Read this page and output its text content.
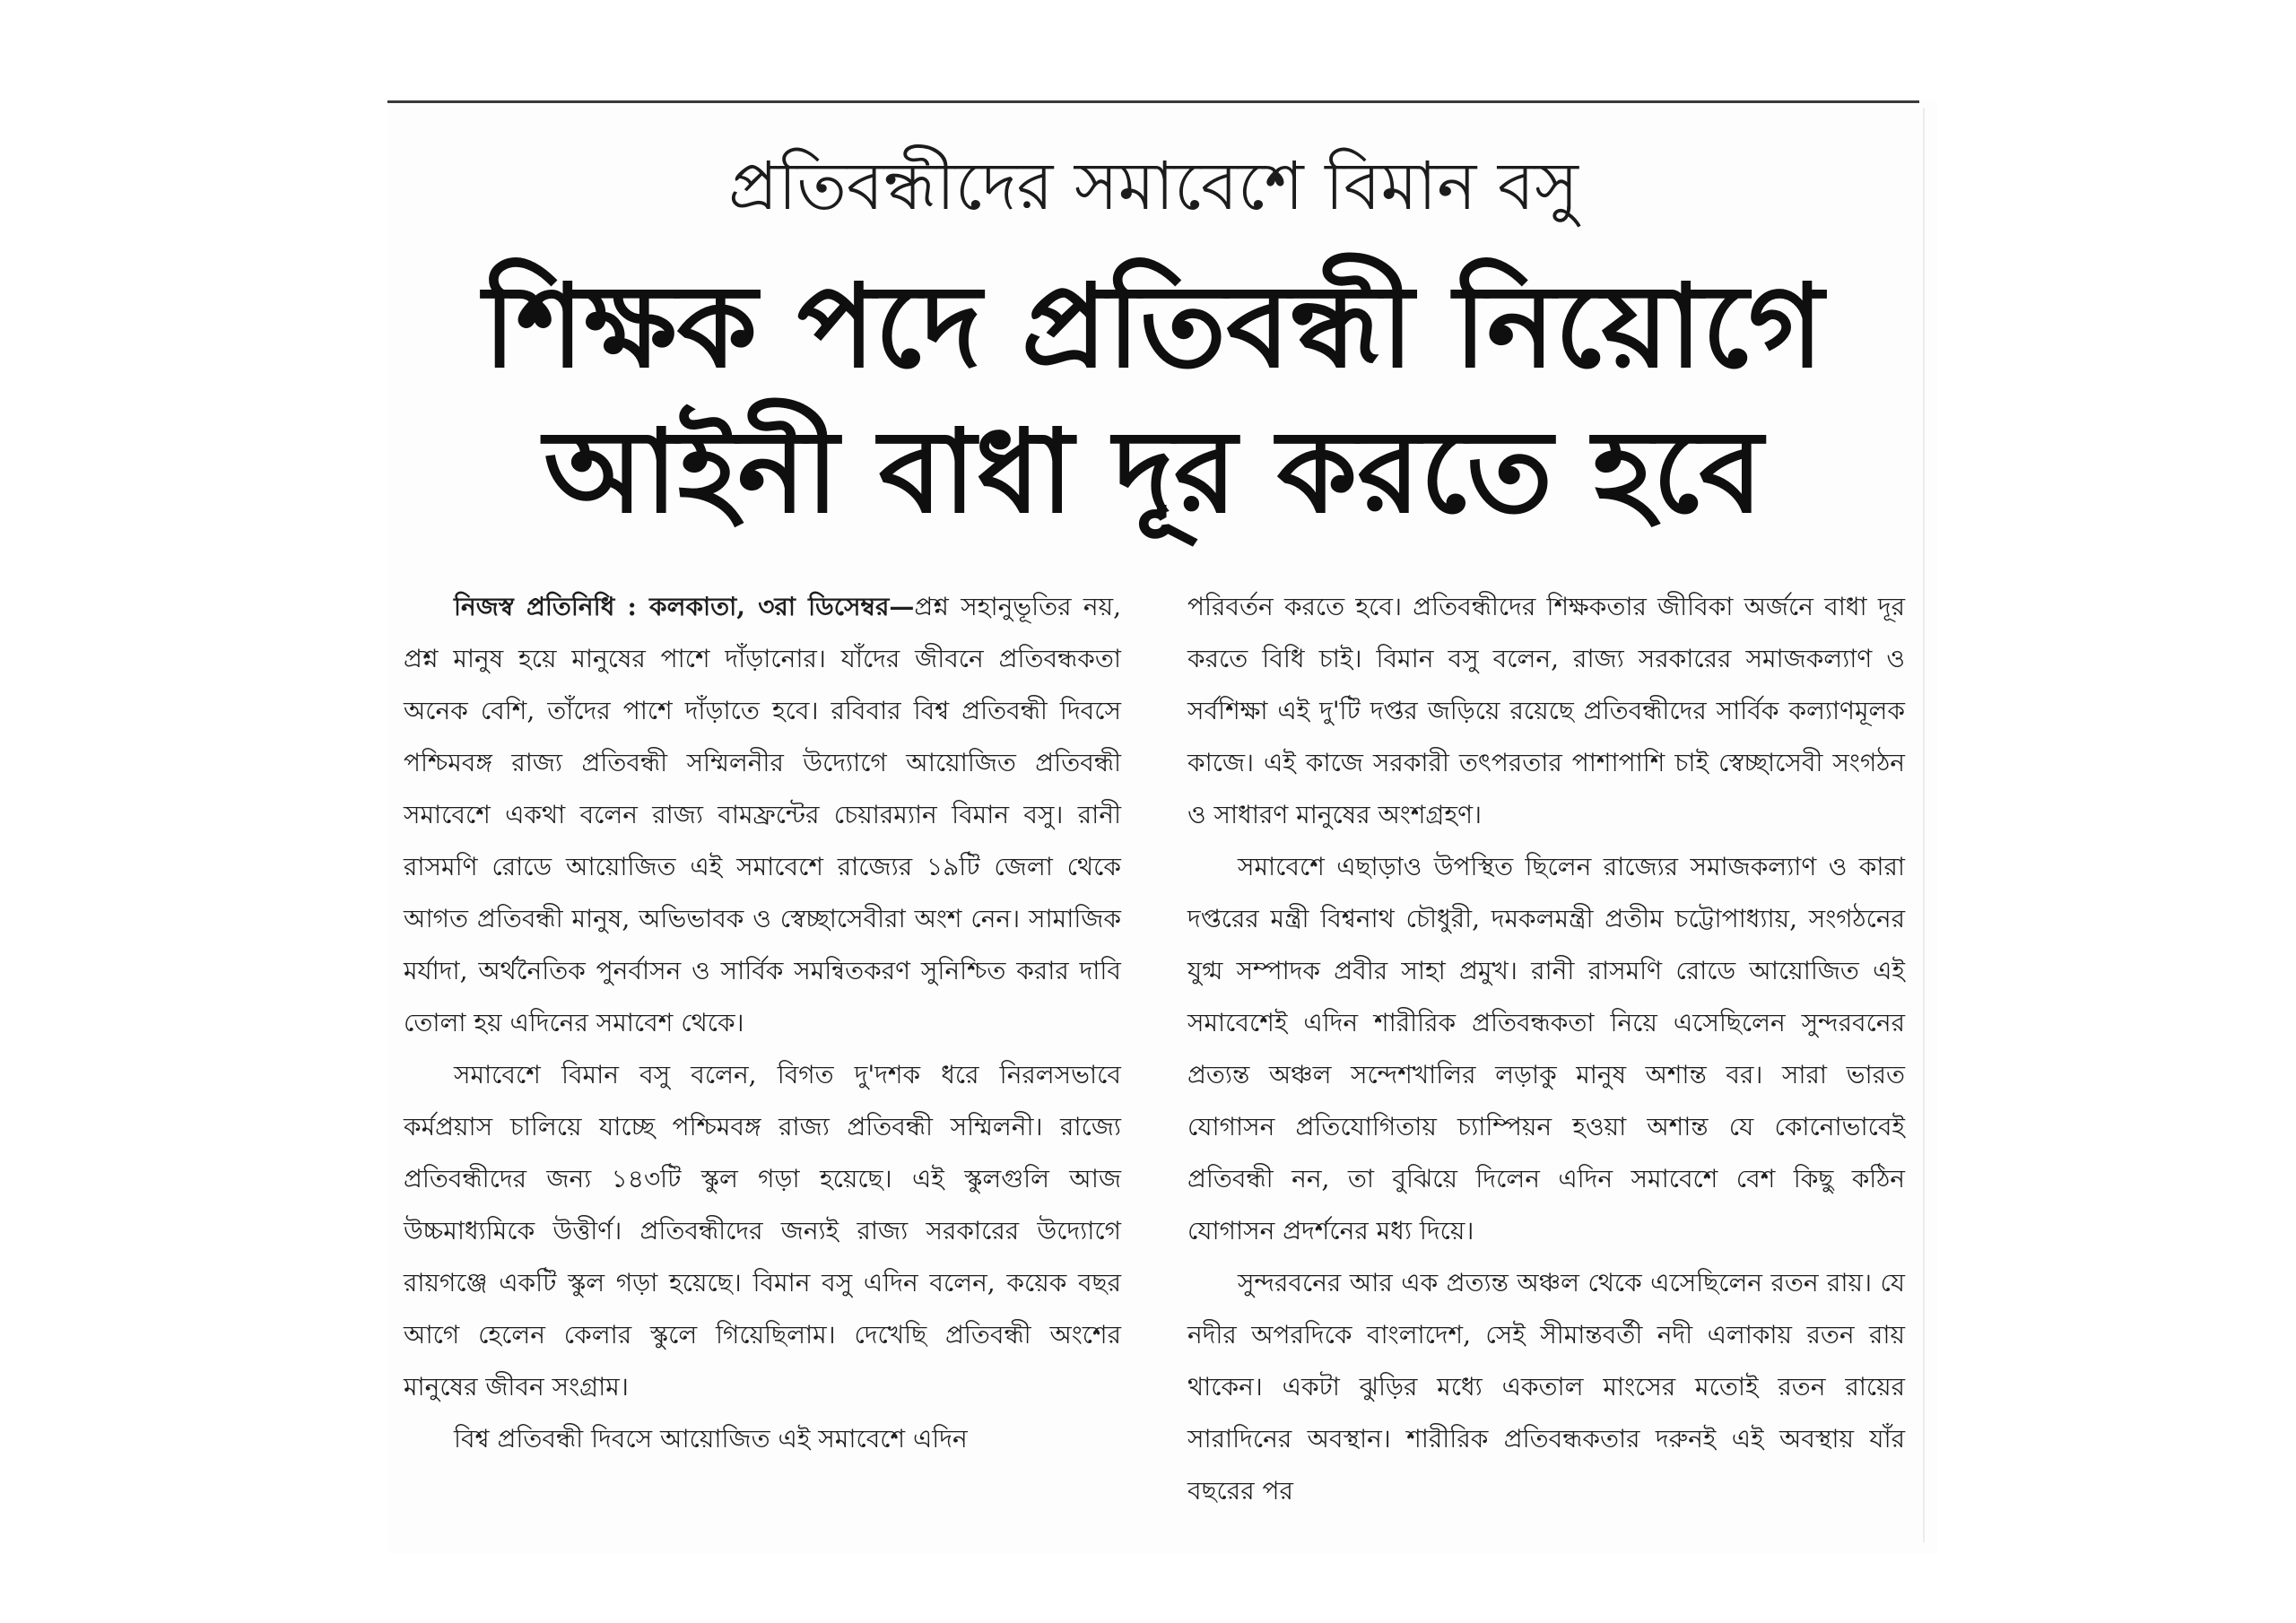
প্রতিবন্ধীদের সমাবেশে বিমান বসু
শিক্ষক পদে প্রতিবন্ধী নিয়োগে
আইনী বাধা দূর করতে হবে

নিজস্ব প্রতিনিধি : কলকাতা, ৩রা ডিসেম্বর—প্রশ্ন সহানুভূতির নয়, প্রশ্ন মানুষ হয়ে মানুষের পাশে দাঁড়ানোর। যাঁদের জীবনে প্রতিবন্ধকতা অনেক বেশি, তাঁদের পাশে দাঁড়াতে হবে। রবিবার বিশ্ব প্রতিবন্ধী দিবসে পশ্চিমবঙ্গ রাজ্য প্রতিবন্ধী সম্মিলনীর উদ্যোগে আয়োজিত প্রতিবন্ধী সমাবেশে একথা বলেন রাজ্য বামফ্রন্টের চেয়ারম্যান বিমান বসু। রানী রাসমণি রোডে আয়োজিত এই সমাবেশে রাজ্যের ১৯টি জেলা থেকে আগত প্রতিবন্ধী মানুষ, অভিভাবক ও স্বেচ্ছাসেবীরা অংশ নেন। সামাজিক মর্যাদা, অর্থনৈতিক পুনর্বাসন ও সার্বিক সমন্বিতকরণ সুনিশ্চিত করার দাবি তোলা হয় এদিনের সমাবেশ থেকে।

সমাবেশে বিমান বসু বলেন, বিগত দু'দশক ধরে নিরলসভাবে কর্মপ্রয়াস চালিয়ে যাচ্ছে পশ্চিমবঙ্গ রাজ্য প্রতিবন্ধী সম্মিলনী। রাজ্যে প্রতিবন্ধীদের জন্য ১৪৩টি স্কুল গড়া হয়েছে। এই স্কুলগুলি আজ উচ্চমাধ্যমিকে উত্তীর্ণ। প্রতিবন্ধীদের জন্যই রাজ্য সরকারের উদ্যোগে রায়গঞ্জে একটি স্কুল গড়া হয়েছে। বিমান বসু এদিন বলেন, কয়েক বছর আগে হেলেন কেলার স্কুলে গিয়েছিলাম। দেখেছি প্রতিবন্ধী অংশের মানুষের জীবন সংগ্রাম।

বিশ্ব প্রতিবন্ধী দিবসে আয়োজিত এই সমাবেশে এদিন

পরিবর্তন করতে হবে। প্রতিবন্ধীদের শিক্ষকতার জীবিকা অর্জনে বাধা দূর করতে বিধি চাই। বিমান বসু বলেন, রাজ্য সরকারের সমাজকল্যাণ ও সর্বশিক্ষা এই দু'টি দপ্তর জড়িয়ে রয়েছে প্রতিবন্ধীদের সার্বিক কল্যাণমূলক কাজে। এই কাজে সরকারী তৎপরতার পাশাপাশি চাই স্বেচ্ছাসেবী সংগঠন ও সাধারণ মানুষের অংশগ্রহণ।

সমাবেশে এছাড়াও উপস্থিত ছিলেন রাজ্যের সমাজকল্যাণ ও কারা দপ্তরের মন্ত্রী বিশ্বনাথ চৌধুরী, দমকলমন্ত্রী প্রতীম চট্টোপাধ্যায়, সংগঠনের যুগ্ম সম্পাদক প্রবীর সাহা প্রমুখ। রানী রাসমণি রোডে আয়োজিত এই সমাবেশেই এদিন শারীরিক প্রতিবন্ধকতা নিয়ে এসেছিলেন সুন্দরবনের প্রত্যন্ত অঞ্চল সন্দেশখালির লড়াকু মানুষ অশান্ত বর। সারা ভারত যোগাসন প্রতিযোগিতায় চ্যাম্পিয়ন হওয়া অশান্ত যে কোনোভাবেই প্রতিবন্ধী নন, তা বুঝিয়ে দিলেন এদিন সমাবেশে বেশ কিছু কঠিন যোগাসন প্রদর্শনের মধ্য দিয়ে।

সুন্দরবনের আর এক প্রত্যন্ত অঞ্চল থেকে এসেছিলেন রতন রায়। যে নদীর অপরদিকে বাংলাদেশ, সেই সীমান্তবর্তী নদী এলাকায় রতন রায় থাকেন। একটা ঝুড়ির মধ্যে একতাল মাংসের মতোই রতন রায়ের সারাদিনের অবস্থান। শারীরিক প্রতিবন্ধকতার দরুনই এই অবস্থায় যাঁর বছরের পর
